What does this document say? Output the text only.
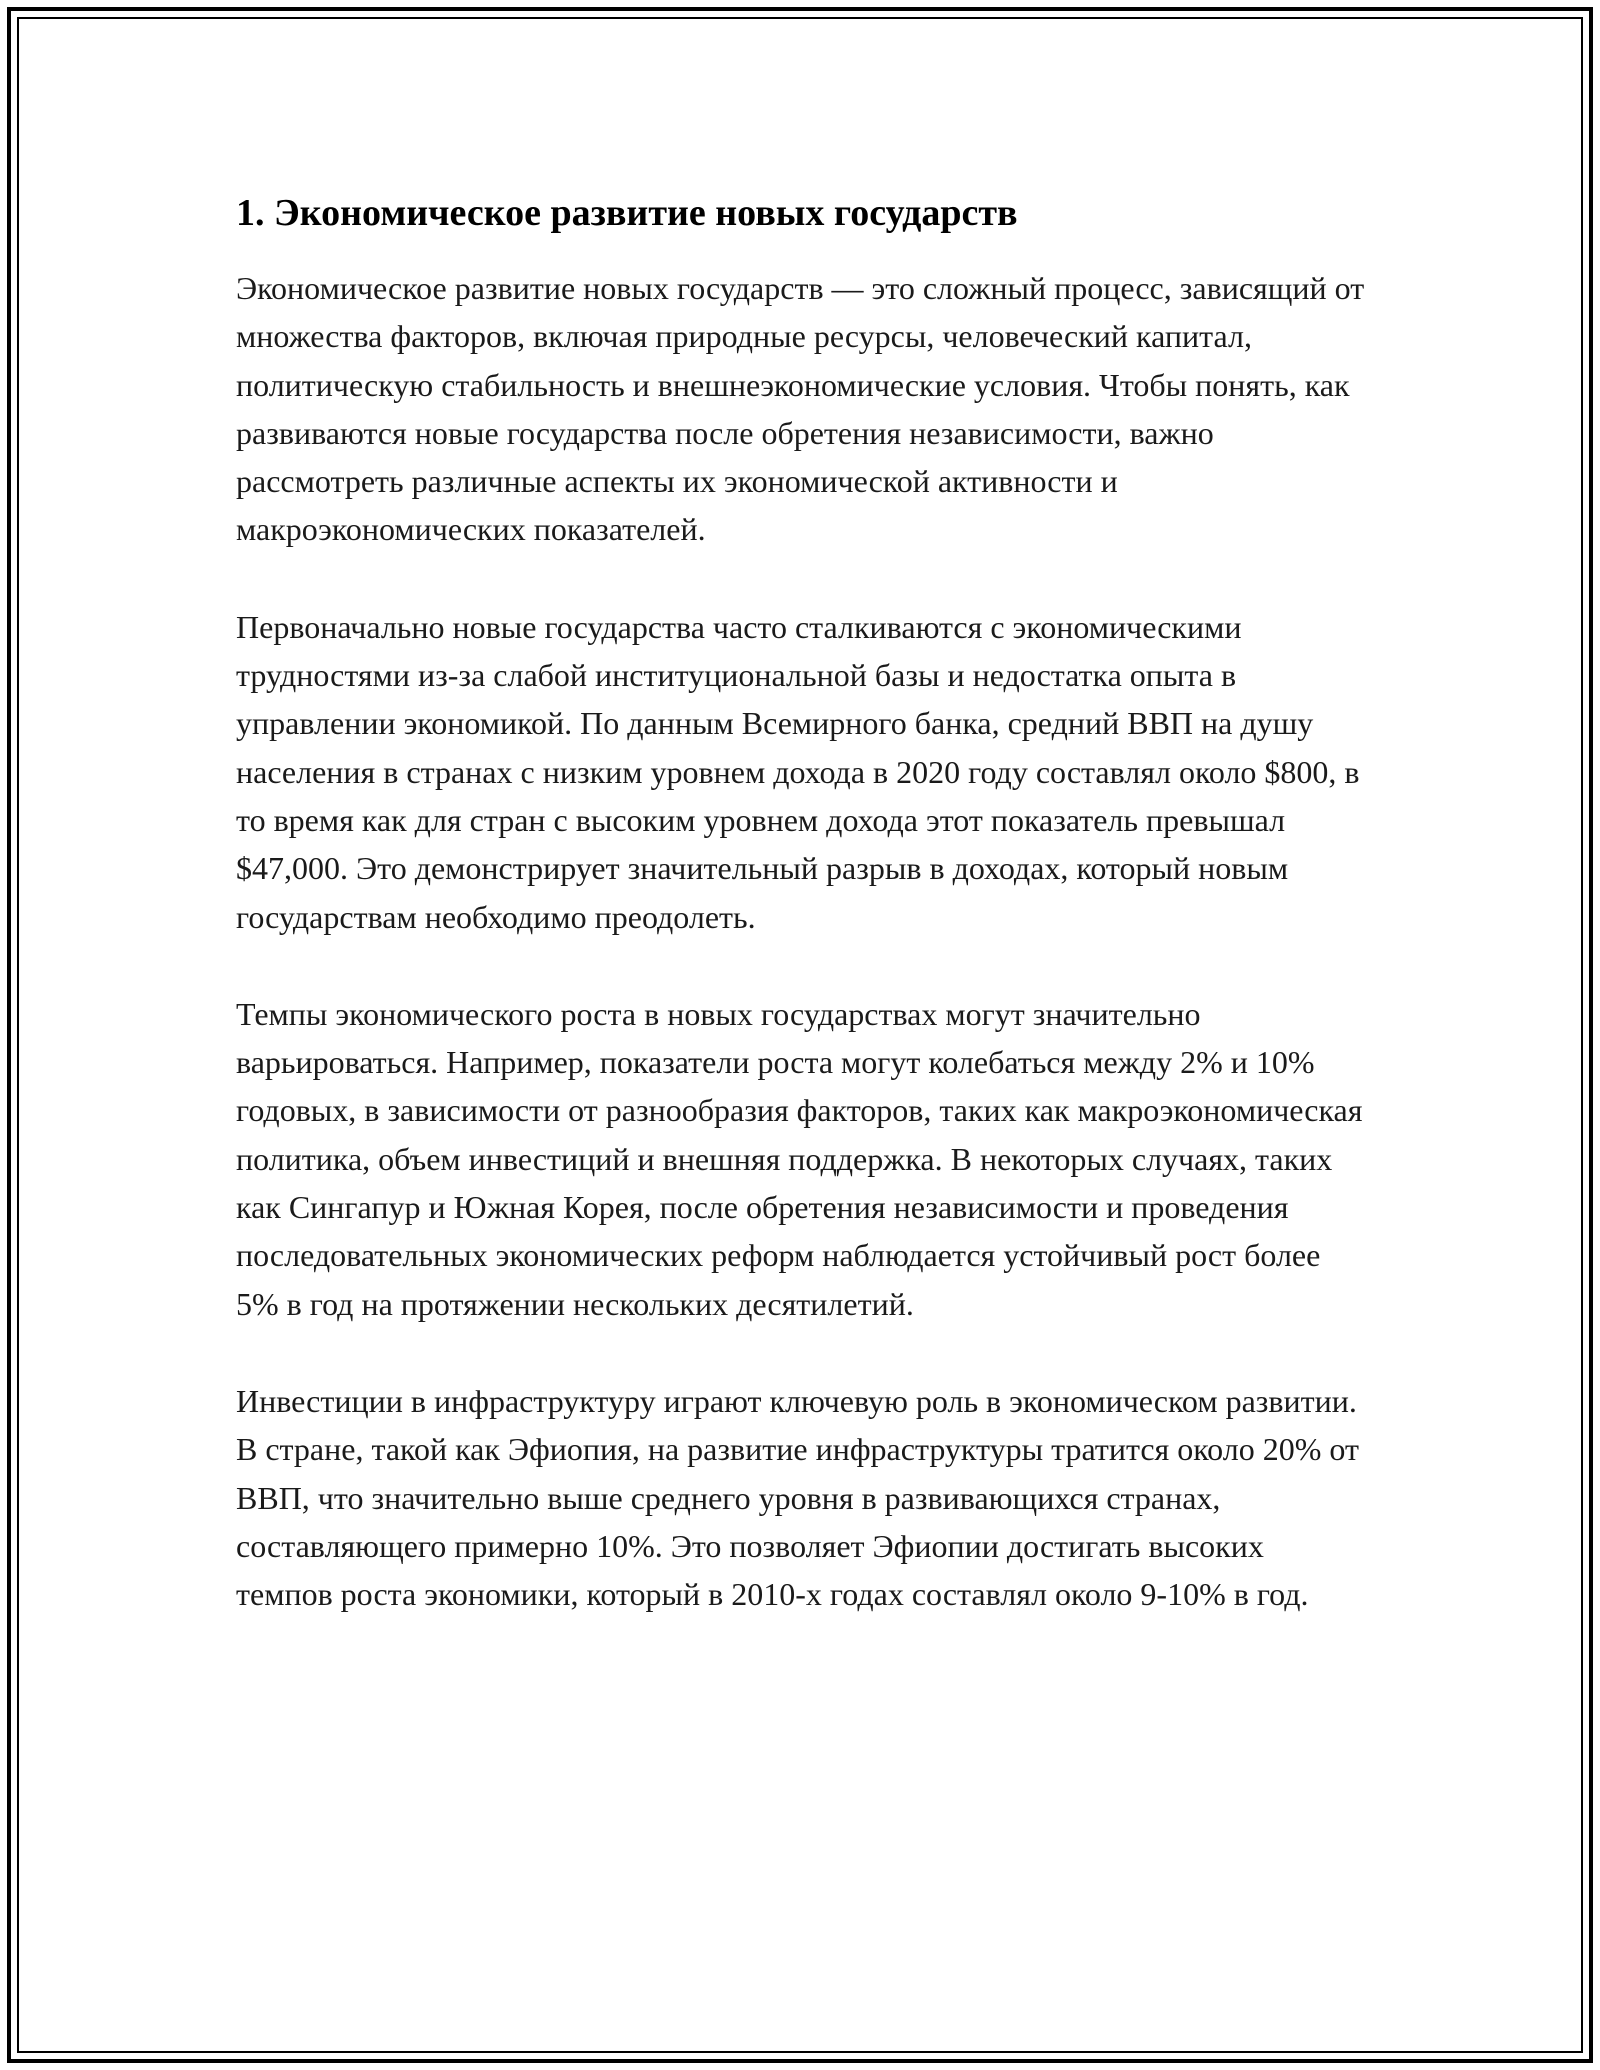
1. Экономическое развитие новых государств

Экономическое развитие новых государств — это сложный процесс, зависящий от множества факторов, включая природные ресурсы, человеческий капитал, политическую стабильность и внешнеэкономические условия. Чтобы понять, как развиваются новые государства после обретения независимости, важно рассмотреть различные аспекты их экономической активности и макроэкономических показателей.

Первоначально новые государства часто сталкиваются с экономическими трудностями из-за слабой институциональной базы и недостатка опыта в управлении экономикой. По данным Всемирного банка, средний ВВП на душу населения в странах с низким уровнем дохода в 2020 году составлял около $800, в то время как для стран с высоким уровнем дохода этот показатель превышал $47,000. Это демонстрирует значительный разрыв в доходах, который новым государствам необходимо преодолеть.

Темпы экономического роста в новых государствах могут значительно варьироваться. Например, показатели роста могут колебаться между 2% и 10% годовых, в зависимости от разнообразия факторов, таких как макроэкономическая политика, объем инвестиций и внешняя поддержка. В некоторых случаях, таких как Сингапур и Южная Корея, после обретения независимости и проведения последовательных экономических реформ наблюдается устойчивый рост более 5% в год на протяжении нескольких десятилетий.

Инвестиции в инфраструктуру играют ключевую роль в экономическом развитии. В стране, такой как Эфиопия, на развитие инфраструктуры тратится около 20% от ВВП, что значительно выше среднего уровня в развивающихся странах, составляющего примерно 10%. Это позволяет Эфиопии достигать высоких темпов роста экономики, который в 2010-х годах составлял около 9-10% в год.
